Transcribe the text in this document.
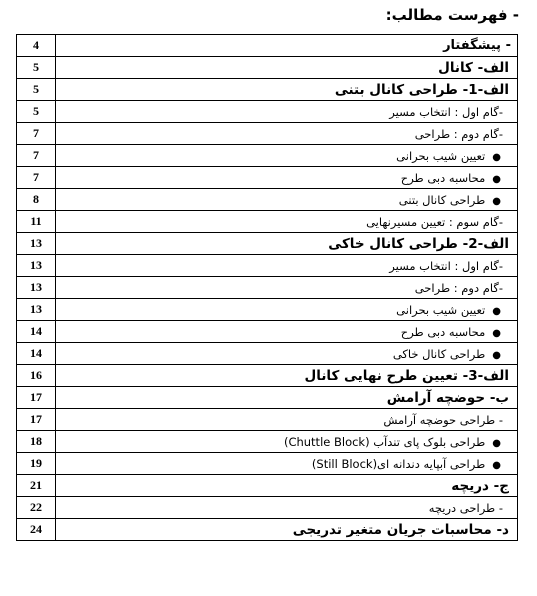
- فهرست مطالب:
4	- پیشگفتار
5	الف- کانال
5	الف-1- طراحی کانال بتنی
5	-گام اول : انتخاب مسیر
7	-گام دوم : طراحی
7	●تعیین شیب بحرانی
7	●محاسبه دبی طرح
8	●طراحی کانال بتنی
11	-گام سوم : تعیین مسیرنهایی
13	الف-2- طراحی کانال خاکی
13	-گام اول : انتخاب مسیر
13	-گام دوم : طراحی
13	●تعیین شیب بحرانی
14	●محاسبه دبی طرح
14	●طراحی کانال خاکی
16	الف-3- تعیین طرح نهایی کانال
17	ب- حوضچه آرامش
17	- طراحی حوضچه آرامش
18	●طراحی بلوک پای تندآب (Chuttle Block)
19	●طراحی آبپایه دندانه ای(Still Block)
21	ج- دریچه
22	- طراحی دریچه
24	د- محاسبات جریان متغیر تدریجی
